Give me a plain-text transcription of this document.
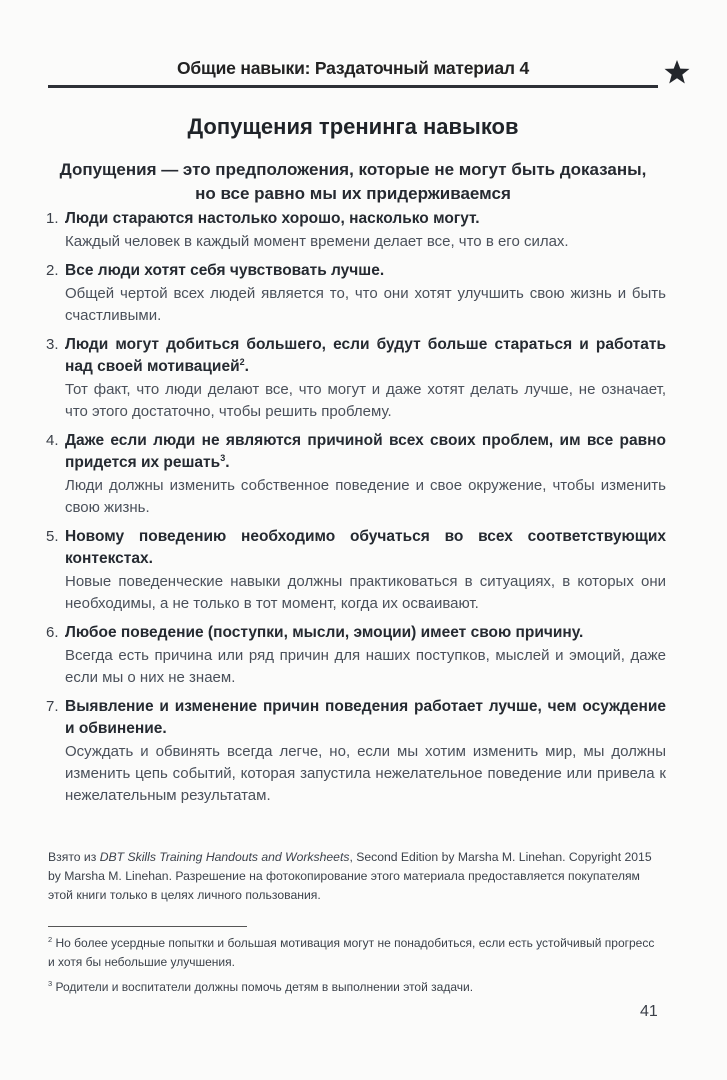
Общие навыки: Раздаточный материал 4
Допущения тренинга навыков
Допущения — это предположения, которые не могут быть доказаны,
но все равно мы их придерживаемся
1. Люди стараются настолько хорошо, насколько могут.

Каждый человек в каждый момент времени делает все, что в его силах.

2. Все люди хотят себя чувствовать лучше.

Общей чертой всех людей является то, что они хотят улучшить свою жизнь и быть счастливыми.

3. Люди могут добиться большего, если будут больше стараться и работать над своей мотивацией$^2$.

Тот факт, что люди делают все, что могут и даже хотят делать лучше, не означает, что этого достаточно, чтобы решить проблему.

4. Даже если люди не являются причиной всех своих проблем, им все равно придется их решать$^3$.

Люди должны изменить собственное поведение и свое окружение, чтобы изменить свою жизнь.

5. Новому поведению необходимо обучаться во всех соответствующих контекстах.

Новые поведенческие навыки должны практиковаться в ситуациях, в которых они необходимы, а не только в тот момент, когда их осваивают.

6. Любое поведение (поступки, мысли, эмоции) имеет свою причину.

Всегда есть причина или ряд причин для наших поступков, мыслей и эмоций, даже если мы о них не знаем.

7. Выявление и изменение причин поведения работает лучше, чем осуждение и обвинение.

Осуждать и обвинять всегда легче, но, если мы хотим изменить мир, мы должны изменить цепь событий, которая запустила нежелательное поведение или привела к нежелательным результатам.

Взято из DBT Skills Training Handouts and Worksheets, Second Edition by Marsha M. Linehan. Copyright 2015 by Marsha M. Linehan. Разрешение на фотокопирование этого материала предоставляется покупателям этой книги только в целях личного пользования.

$^2$ Но более усердные попытки и большая мотивация могут не понадобиться, если есть устойчивый прогресс и хотя бы небольшие улучшения.

$^3$ Родители и воспитатели должны помочь детям в выполнении этой задачи.

41
